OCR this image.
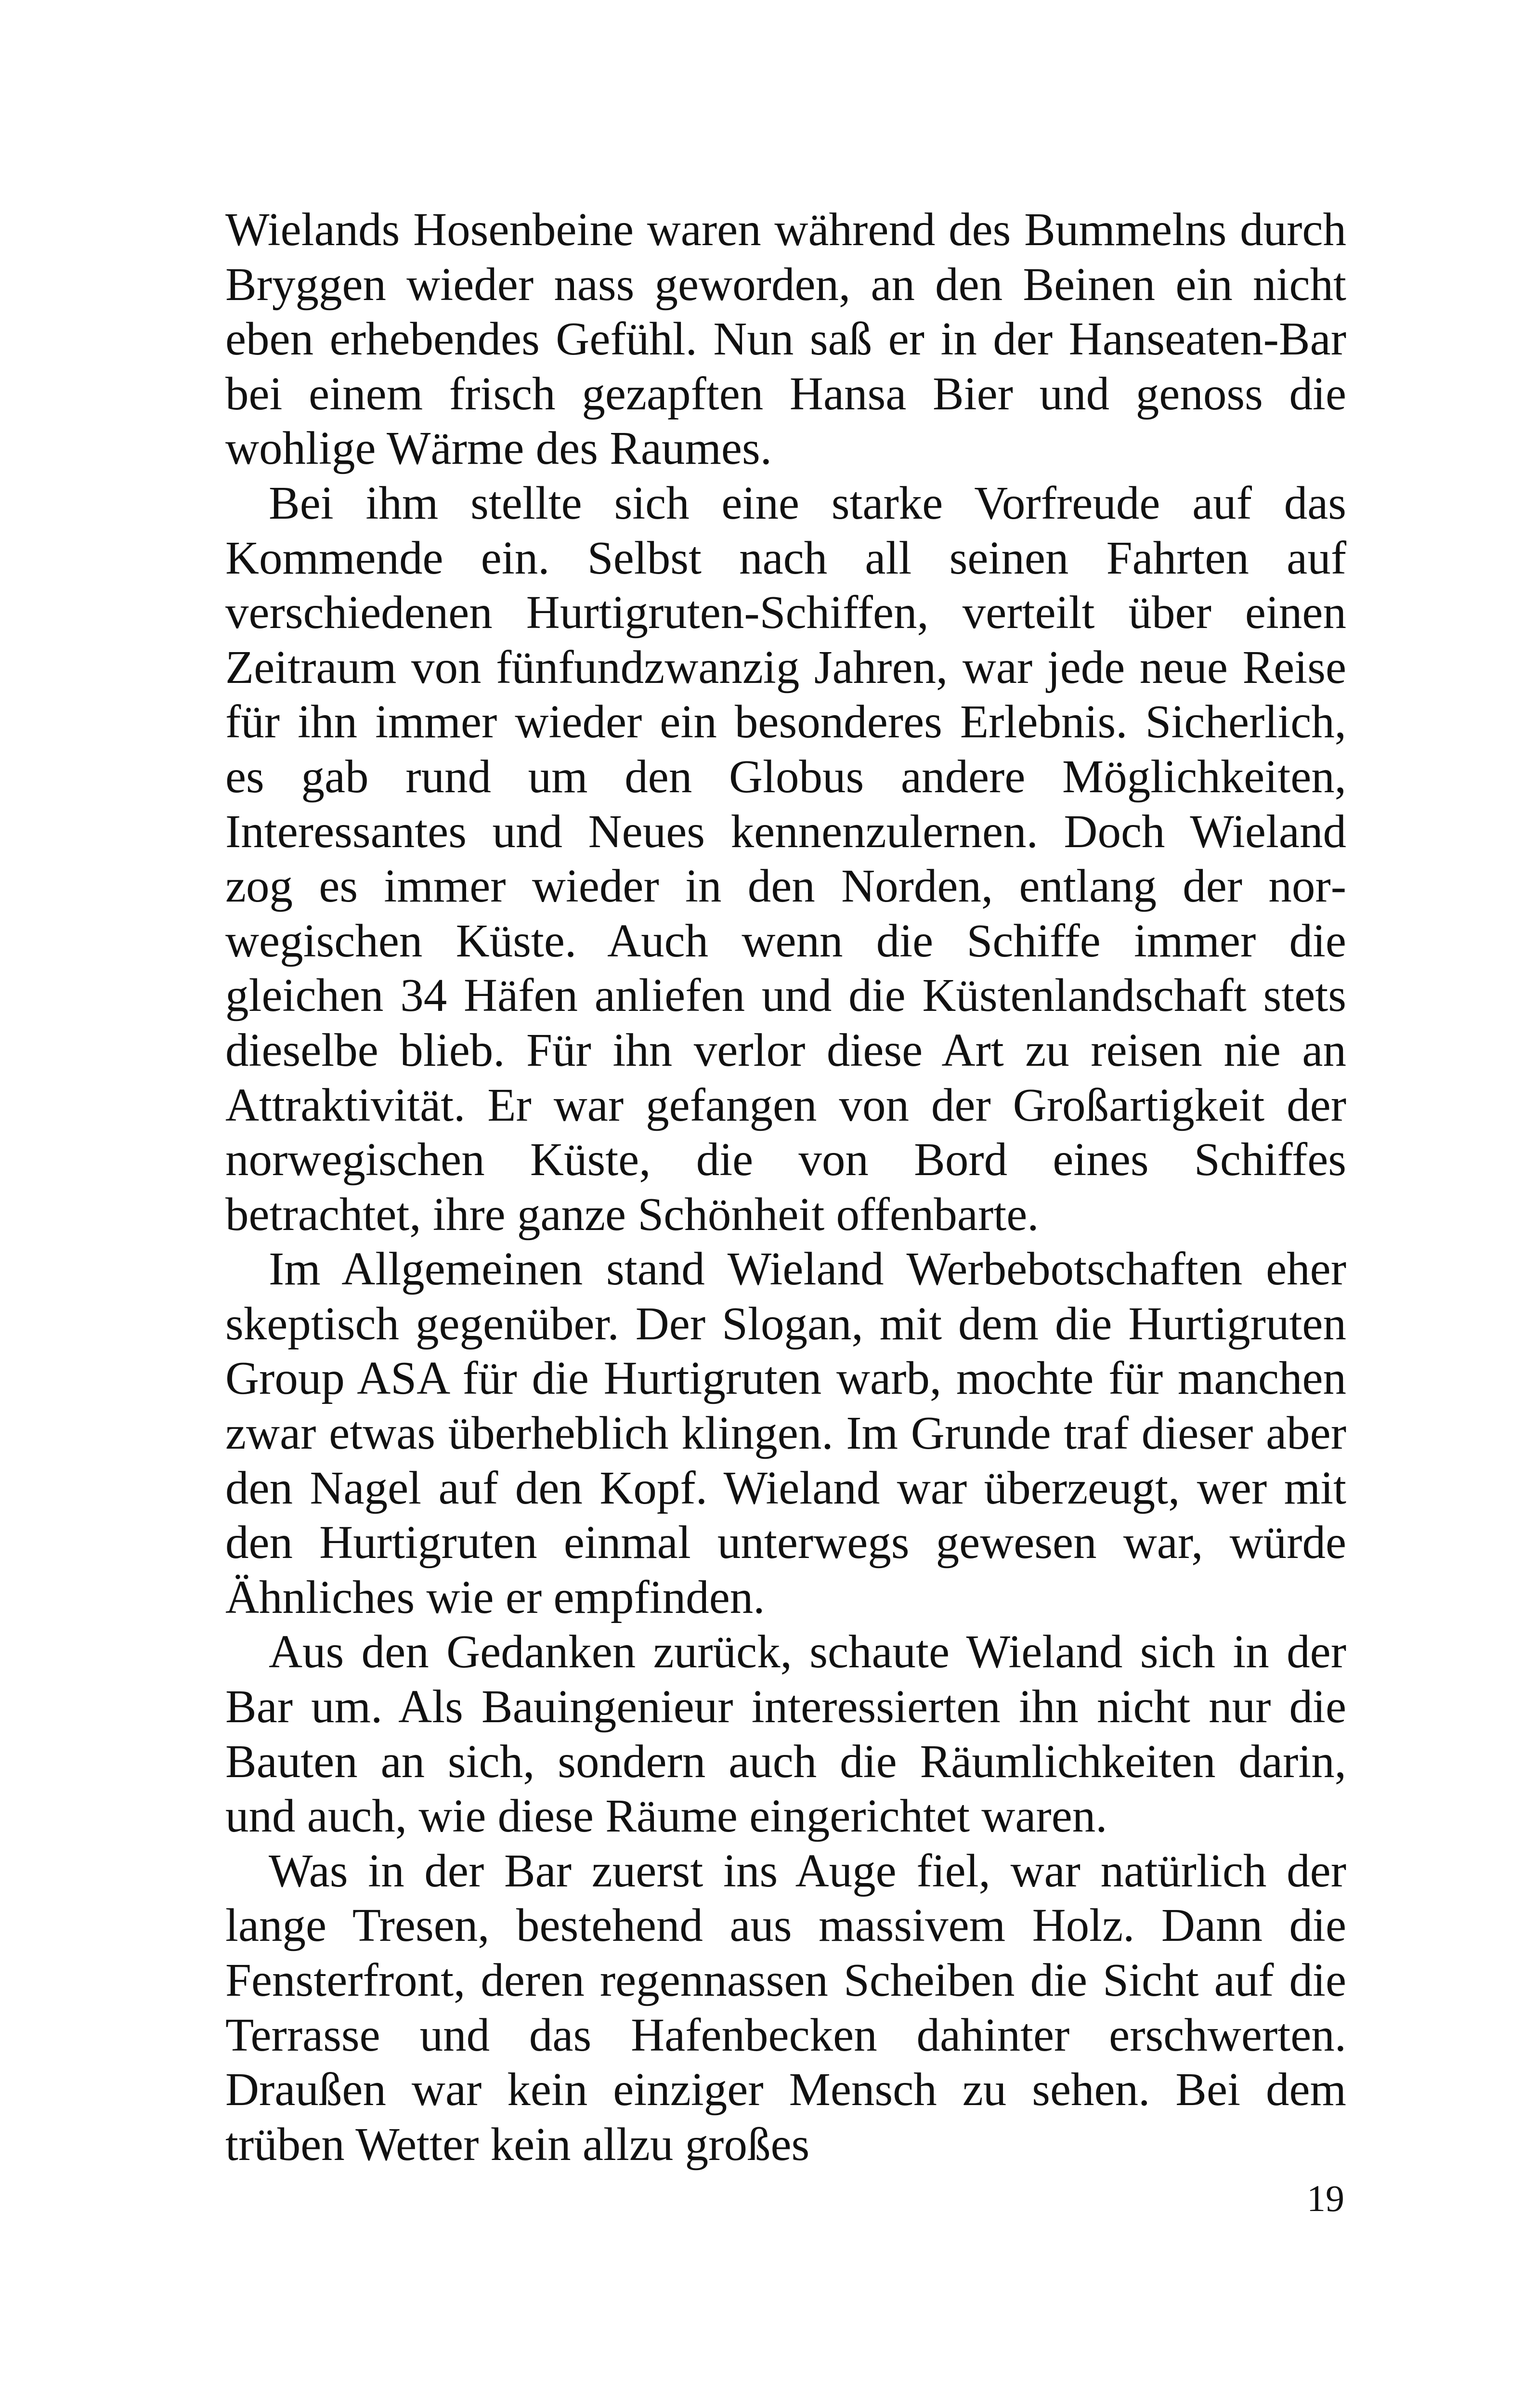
Wielands Hosenbeine waren während des Bummelns durch Bryggen wieder nass geworden, an den Beinen ein nicht eben erhebendes Gefühl. Nun saß er in der Hanseaten-Bar bei einem frisch gezapften Hansa Bier und genoss die wohlige Wärme des Raumes.

Bei ihm stellte sich eine starke Vorfreude auf das Kommende ein. Selbst nach all seinen Fahrten auf verschiedenen Hurtigruten-Schiffen, verteilt über einen Zeitraum von fünfundzwanzig Jahren, war jede neue Reise für ihn immer wieder ein besonderes Erlebnis. Sicherlich, es gab rund um den Globus andere Möglichkeiten, Interessantes und Neues kennenzulernen. Doch Wieland zog es immer wieder in den Norden, entlang der norwegischen Küste. Auch wenn die Schiffe immer die gleichen 34 Häfen anliefen und die Küstenlandschaft stets dieselbe blieb. Für ihn verlor diese Art zu reisen nie an Attraktivität. Er war gefangen von der Großartigkeit der norwegischen Küste, die von Bord eines Schiffes betrachtet, ihre ganze Schönheit offenbarte.

Im Allgemeinen stand Wieland Werbebotschaften eher skeptisch gegenüber. Der Slogan, mit dem die Hurtigruten Group ASA für die Hurtigruten warb, mochte für manchen zwar etwas überheblich klingen. Im Grunde traf dieser aber den Nagel auf den Kopf. Wieland war überzeugt, wer mit den Hurtigruten einmal unterwegs gewesen war, würde Ähnliches wie er empfinden.

Aus den Gedanken zurück, schaute Wieland sich in der Bar um. Als Bauingenieur interessierten ihn nicht nur die Bauten an sich, sondern auch die Räumlichkeiten darin, und auch, wie diese Räume eingerichtet waren.

Was in der Bar zuerst ins Auge fiel, war natürlich der lange Tresen, bestehend aus massivem Holz. Dann die Fensterfront, deren regennassen Scheiben die Sicht auf die Terrasse und das Hafenbecken dahinter erschwerten. Draußen war kein einziger Mensch zu sehen. Bei dem trüben Wetter kein allzu großes

19
